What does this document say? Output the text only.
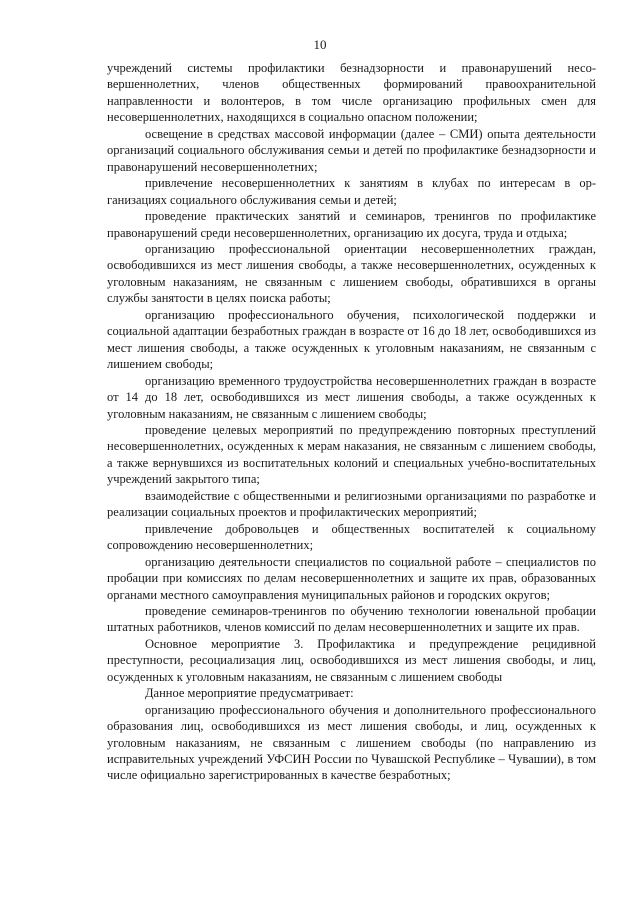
10

учреждений системы профилактики безнадзорности и правонарушений несовершеннолетних, членов общественных формирований правоохранительной направленности и волонтеров, в том числе организацию профильных смен для несовершеннолетних, находящихся в социально опасном положении;

освещение в средствах массовой информации (далее – СМИ) опыта деятельности организаций социального обслуживания семьи и детей по профилактике безнадзорности и правонарушений несовершеннолетних;

привлечение несовершеннолетних к занятиям в клубах по интересам в организациях социального обслуживания семьи и детей;

проведение практических занятий и семинаров, тренингов по профилактике правонарушений среди несовершеннолетних, организацию их досуга, труда и отдыха;

организацию профессиональной ориентации несовершеннолетних граждан, освободившихся из мест лишения свободы, а также несовершеннолетних, осужденных к уголовным наказаниям, не связанным с лишением свободы, обратившихся в органы службы занятости в целях поиска работы;

организацию профессионального обучения, психологической поддержки и социальной адаптации безработных граждан в возрасте от 16 до 18 лет, освободившихся из мест лишения свободы, а также осужденных к уголовным наказаниям, не связанным с лишением свободы;

организацию временного трудоустройства несовершеннолетних граждан в возрасте от 14 до 18 лет, освободившихся из мест лишения свободы, а также осужденных к уголовным наказаниям, не связанным с лишением свободы;

проведение целевых мероприятий по предупреждению повторных преступлений несовершеннолетних, осужденных к мерам наказания, не связанным с лишением свободы, а также вернувшихся из воспитательных колоний и специальных учебно-воспитательных учреждений закрытого типа;

взаимодействие с общественными и религиозными организациями по разработке и реализации социальных проектов и профилактических мероприятий;

привлечение добровольцев и общественных воспитателей к социальному сопровождению несовершеннолетних;

организацию деятельности специалистов по социальной работе – специалистов по пробации при комиссиях по делам несовершеннолетних и защите их прав, образованных органами местного самоуправления муниципальных районов и городских округов;

проведение семинаров-тренингов по обучению технологии ювенальной пробации штатных работников, членов комиссий по делам несовершеннолетних и защите их прав.

Основное мероприятие 3. Профилактика и предупреждение рецидивной преступности, ресоциализация лиц, освободившихся из мест лишения свободы, и лиц, осужденных к уголовным наказаниям, не связанным с лишением свободы

Данное мероприятие предусматривает:

организацию профессионального обучения и дополнительного профессионального образования лиц, освободившихся из мест лишения свободы, и лиц, осужденных к уголовным наказаниям, не связанным с лишением свободы (по направлению из исправительных учреждений УФСИН России по Чувашской Республике – Чувашии), в том числе официально зарегистрированных в качестве безработных;
